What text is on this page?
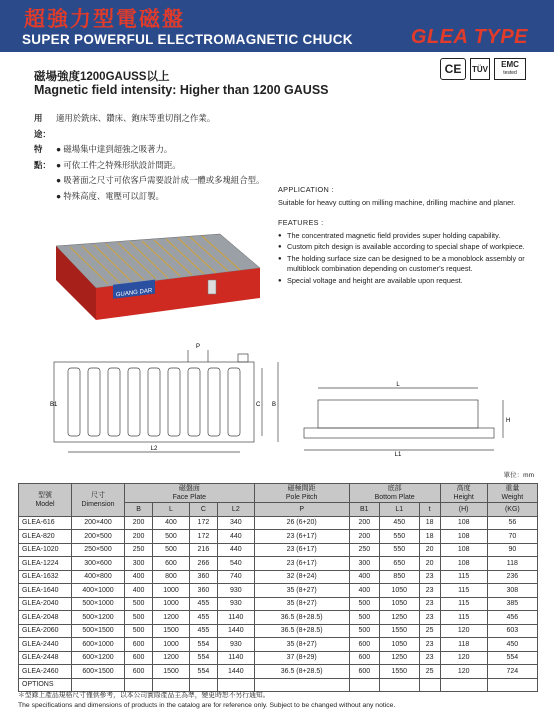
超強力型電磁盤
SUPER POWERFUL ELECTROMAGNETIC CHUCK	GLEA TYPE
CE	TÜV EMC
tested
磁場強度1200GAUSS以上
Magnetic field intensity: Higher than 1200 GAUSS
用途：
適用於銑床、鑽床、鉋床等重切削之作業。
特點：
● 磁場集中達到超強之吸著力。
● 可依工件之特殊形狀設計間距。
● 吸著面之尺寸可依客戶需要設計成一體或多塊組合型。
● 特殊高度、電壓可以訂製。
APPLICATION :
Suitable for heavy cutting on milling machine, drilling machine and planer.
FEATURES :
● The concentrated magnetic field provides super holding capability.
● Custom pitch design is available according to special shape of workpiece.
● The holding surface size can be designed to be a monoblock assembly or multiblock combination depending on customer's request.
● Special voltage and height are available upon request.
GUANG DAR
P
B1	B
C
L2
L
L1
H
單位：mm
型號
Model	尺寸
Dimension	磁盤面
Face Plate				磁極間距
Pole Pitch	底部
Bottom Plate			高度
Height	重量
Weight
		B	L	C	L2	P	B1	L1	t	(H)	(KG)
GLEA-616	200×400	200	400	172	340	26 (6+20)	200	450	18	108	56
GLEA-820	200×500	200	500	172	440	23 (6+17)	200	550	18	108	70
GLEA-1020	250×500	250	500	216	440	23 (6+17)	250	550	20	108	90
GLEA-1224	300×600	300	600	266	540	23 (6+17)	300	650	20	108	118
GLEA-1632	400×800	400	800	360	740	32 (8+24)	400	850	23	115	236
GLEA-1640	400×1000	400	1000	360	930	35 (8+27)	400	1050	23	115	308
GLEA-2040	500×1000	500	1000	455	930	35 (8+27)	500	1050	23	115	385
GLEA-2048	500×1200	500	1200	455	1140	36.5 (8+28.5)	500	1250	23	115	456
GLEA-2060	500×1500	500	1500	455	1440	36.5 (8+28.5)	500	1550	25	120	603
GLEA-2440	600×1000	600	1000	554	930	35 (8+27)	600	1050	23	118	450
GLEA-2448	600×1200	600	1200	554	1140	37 (8+29)	600	1250	23	120	554
GLEA-2460	600×1500	600	1500	554	1440	36.5 (8+28.5)	600	1550	25	120	724
OPTIONS											
＊型錄上產品規格尺寸僅供參考，以本公司實際產品主為準，變更時恕不另行通知。
The specifications and dimensions of products in the catalog are for reference only. Subject to be changed without any notice.
